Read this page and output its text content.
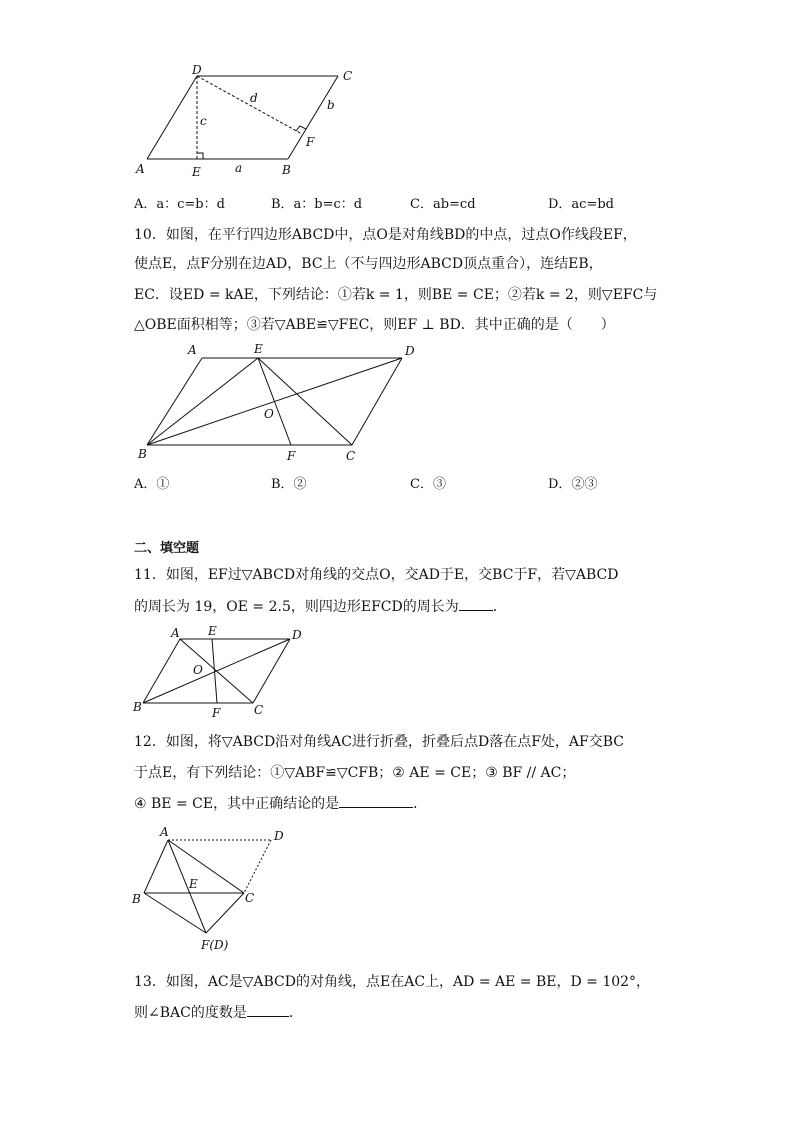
D	C
A	E	B
F
a
b
c
d
A．a：c=b：d	B．a：b=c：d	C．ab=cd	D．ac=bd
10．如图，在平行四边形ABCD中，点O是对角线BD的中点，过点O作线段EF，
使点E，点F分别在边AD，BC上（不与四边形ABCD顶点重合），连结EB，
EC．设ED = kAE，下列结论：①若k = 1，则BE = CE；②若k = 2，则▽EFC与
△OBE面积相等；③若▽ABE≌▽FEC，则EF ⊥ BD．其中正确的是（　　）
A	E	D
O
B	F	C
A．①	B．②	C．③	D．②③
二、填空题
11．如图，EF过▽ABCD对角线的交点O，交AD于E，交BC于F，若▽ABCD
的周长为 19，OE = 2.5，则四边形EFCD的周长为 ．
A E	D
O
B	F	C
12．如图，将▽ABCD沿对角线AC进行折叠，折叠后点D落在点F处，AF交BC
于点E，有下列结论：①▽ABF≌▽CFB；② AE = CE；③ BF // AC；
④ BE = CE，其中正确结论的是	．
A	D
E
B	C
F(D)
13．如图，AC是▽ABCD的对角线，点E在AC上，AD = AE = BE，D = 102°，
则∠BAC的度数是	．
